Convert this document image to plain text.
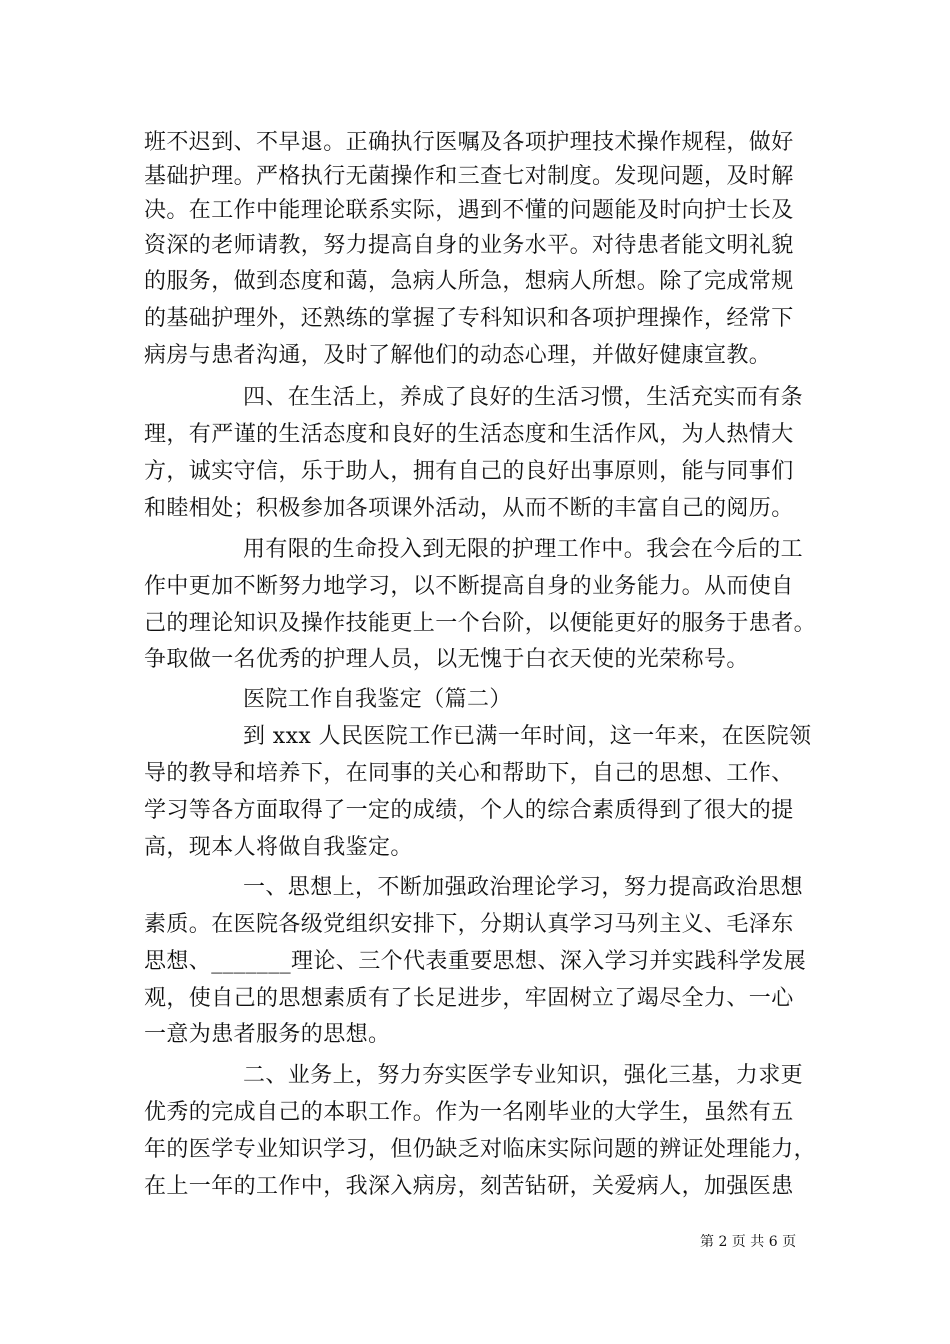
班不迟到、不早退。正确执行医嘱及各项护理技术操作规程，做好
基础护理。严格执行无菌操作和三查七对制度。发现问题，及时解
决。在工作中能理论联系实际，遇到不懂的问题能及时向护士长及
资深的老师请教，努力提高自身的业务水平。对待患者能文明礼貌
的服务，做到态度和蔼，急病人所急，想病人所想。除了完成常规
的基础护理外，还熟练的掌握了专科知识和各项护理操作，经常下
病房与患者沟通，及时了解他们的动态心理，并做好健康宣教。
四、在生活上，养成了良好的生活习惯，生活充实而有条
理，有严谨的生活态度和良好的生活态度和生活作风，为人热情大
方，诚实守信，乐于助人，拥有自己的良好出事原则，能与同事们
和睦相处；积极参加各项课外活动，从而不断的丰富自己的阅历。
用有限的生命投入到无限的护理工作中。我会在今后的工
作中更加不断努力地学习，以不断提高自身的业务能力。从而使自
己的理论知识及操作技能更上一个台阶，以便能更好的服务于患者。
争取做一名优秀的护理人员，以无愧于白衣天使的光荣称号。
医院工作自我鉴定（篇二）
到 xxx 人民医院工作已满一年时间，这一年来，在医院领
导的教导和培养下，在同事的关心和帮助下，自己的思想、工作、
学习等各方面取得了一定的成绩，个人的综合素质得到了很大的提
高，现本人将做自我鉴定。
一、思想上，不断加强政治理论学习，努力提高政治思想
素质。在医院各级党组织安排下，分期认真学习马列主义、毛泽东
思想、_______理论、三个代表重要思想、深入学习并实践科学发展
观，使自己的思想素质有了长足进步，牢固树立了竭尽全力、一心
一意为患者服务的思想。
二、业务上，努力夯实医学专业知识，强化三基，力求更
优秀的完成自己的本职工作。作为一名刚毕业的大学生，虽然有五
年的医学专业知识学习，但仍缺乏对临床实际问题的辨证处理能力，
在上一年的工作中，我深入病房，刻苦钻研，关爱病人，加强医患
第 2 页 共 6 页
